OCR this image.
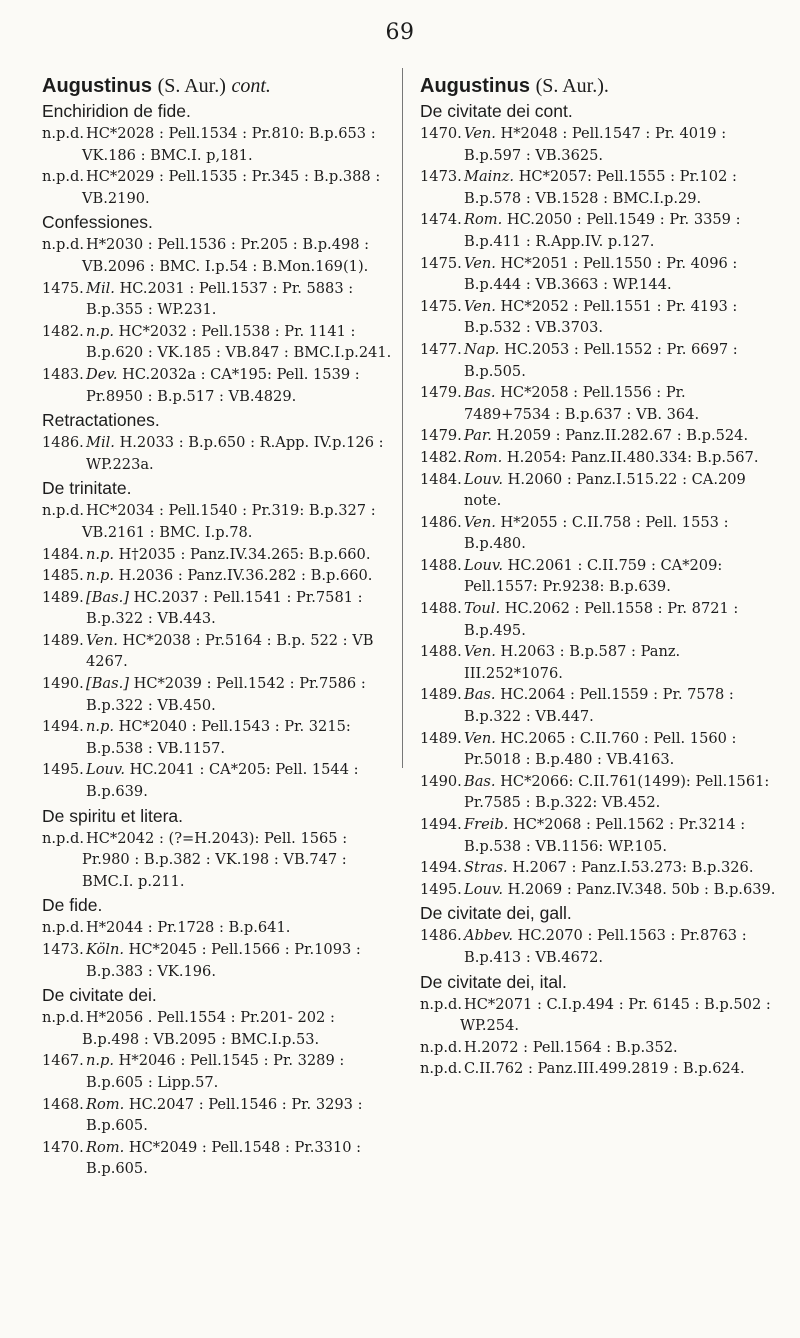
69
Augustinus (S. Aur.) cont.
Enchiridion de fide.
n.p.d. HC*2028 : Pell.1534 : Pr.810: B.p.653 : VK.186 : BMC.I. p,181.
n.p.d. HC*2029 : Pell.1535 : Pr.345 : B.p.388 : VB.2190.
Confessiones.
n.p.d. H*2030 : Pell.1536 : Pr.205 : B.p.498 : VB.2096 : BMC. I.p.54 : B.Mon.169(1).
1475. Mil. HC.2031 : Pell.1537 : Pr. 5883 : B.p.355 : WP.231.
1482. n.p. HC*2032 : Pell.1538 : Pr. 1141 : B.p.620 : VK.185 : VB.847 : BMC.I.p.241.
1483. Dev. HC.2032a : CA*195: Pell. 1539 : Pr.8950 : B.p.517 : VB.4829.
Retractationes.
1486. Mil. H.2033 : B.p.650 : R.App. IV.p.126 : WP.223a.
De trinitate.
n.p.d. HC*2034 : Pell.1540 : Pr.319: B.p.327 : VB.2161 : BMC. I.p.78.
1484. n.p. H†2035 : Panz.IV.34.265: B.p.660.
1485. n.p. H.2036 : Panz.IV.36.282 : B.p.660.
1489. [Bas.] HC.2037 : Pell.1541 : Pr.7581 : B.p.322 : VB.443.
1489. Ven. HC*2038 : Pr.5164 : B.p. 522 : VB 4267.
1490. [Bas.] HC*2039 : Pell.1542 : Pr.7586 : B.p.322 : VB.450.
1494. n.p. HC*2040 : Pell.1543 : Pr. 3215: B.p.538 : VB.1157.
1495. Louv. HC.2041 : CA*205: Pell. 1544 : B.p.639.
De spiritu et litera.
n.p.d. HC*2042 : (?=H.2043): Pell. 1565 : Pr.980 : B.p.382 : VK.198 : VB.747 : BMC.I. p.211.
De fide.
n.p.d. H*2044 : Pr.1728 : B.p.641.
1473. Köln. HC*2045 : Pell.1566 : Pr.1093 : B.p.383 : VK.196.
De civitate dei.
n.p.d. H*2056 . Pell.1554 : Pr.201- 202 : B.p.498 : VB.2095 : BMC.I.p.53.
1467. n.p. H*2046 : Pell.1545 : Pr. 3289 : B.p.605 : Lipp.57.
1468. Rom. HC.2047 : Pell.1546 : Pr. 3293 : B.p.605.
1470. Rom. HC*2049 : Pell.1548 : Pr.3310 : B.p.605.
Augustinus (S. Aur.).
De civitate dei cont.
1470. Ven. H*2048 : Pell.1547 : Pr. 4019 : B.p.597 : VB.3625.
1473. Mainz. HC*2057: Pell.1555 : Pr.102 : B.p.578 : VB.1528 : BMC.I.p.29.
1474. Rom. HC.2050 : Pell.1549 : Pr. 3359 : B.p.411 : R.App.IV. p.127.
1475. Ven. HC*2051 : Pell.1550 : Pr. 4096 : B.p.444 : VB.3663 : WP.144.
1475. Ven. HC*2052 : Pell.1551 : Pr. 4193 : B.p.532 : VB.3703.
1477. Nap. HC.2053 : Pell.1552 : Pr. 6697 : B.p.505.
1479. Bas. HC*2058 : Pell.1556 : Pr. 7489+7534 : B.p.637 : VB. 364.
1479. Par. H.2059 : Panz.II.282.67 : B.p.524.
1482. Rom. H.2054: Panz.II.480.334: B.p.567.
1484. Louv. H.2060 : Panz.I.515.22 : CA.209 note.
1486. Ven. H*2055 : C.II.758 : Pell. 1553 : B.p.480.
1488. Louv. HC.2061 : C.II.759 : CA*209: Pell.1557: Pr.9238: B.p.639.
1488. Toul. HC.2062 : Pell.1558 : Pr. 8721 : B.p.495.
1488. Ven. H.2063 : B.p.587 : Panz. III.252*1076.
1489. Bas. HC.2064 : Pell.1559 : Pr. 7578 : B.p.322 : VB.447.
1489. Ven. HC.2065 : C.II.760 : Pell. 1560 : Pr.5018 : B.p.480 : VB.4163.
1490. Bas. HC*2066: C.II.761(1499): Pell.1561: Pr.7585 : B.p.322: VB.452.
1494. Freib. HC*2068 : Pell.1562 : Pr.3214 : B.p.538 : VB.1156: WP.105.
1494. Stras. H.2067 : Panz.I.53.273: B.p.326.
1495. Louv. H.2069 : Panz.IV.348. 50b : B.p.639.
De civitate dei, gall.
1486. Abbev. HC.2070 : Pell.1563 : Pr.8763 : B.p.413 : VB.4672.
De civitate dei, ital.
n.p.d. HC*2071 : C.I.p.494 : Pr. 6145 : B.p.502 : WP.254.
n.p.d. H.2072 : Pell.1564 : B.p.352.
n.p.d. C.II.762 : Panz.III.499.2819 : B.p.624.
